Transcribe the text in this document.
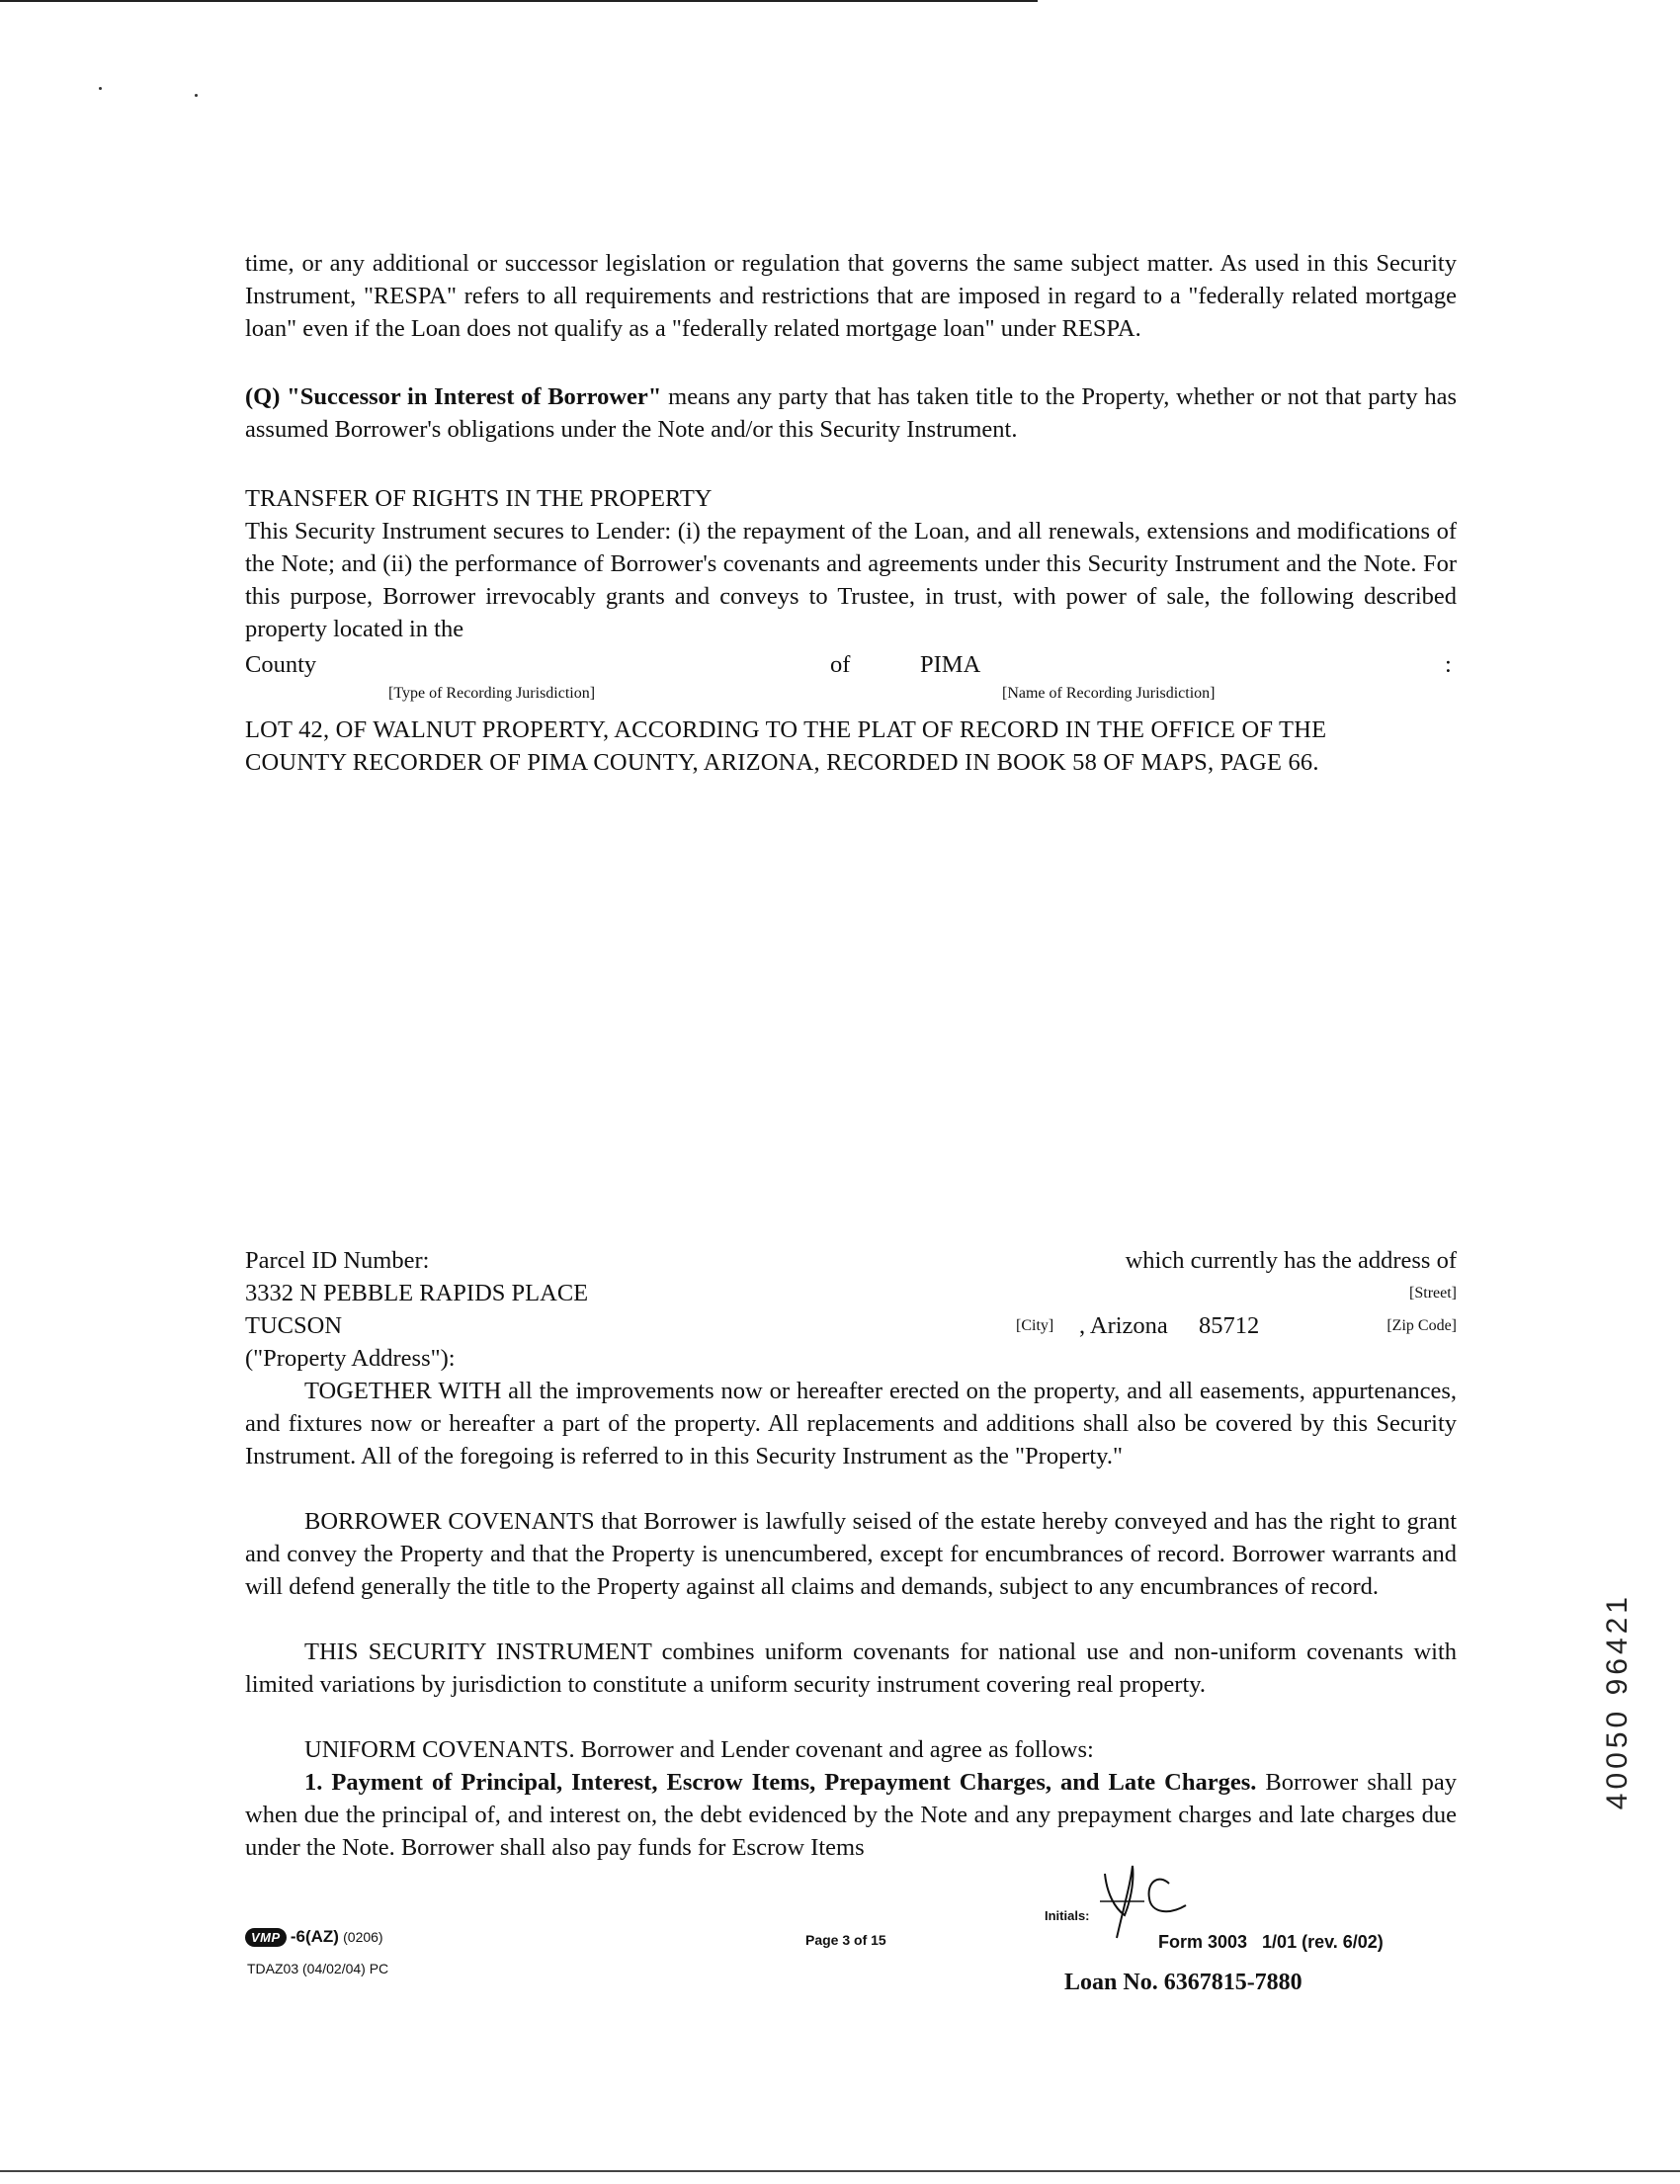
time, or any additional or successor legislation or regulation that governs the same subject matter. As used in this Security Instrument, "RESPA" refers to all requirements and restrictions that are imposed in regard to a "federally related mortgage loan" even if the Loan does not qualify as a "federally related mortgage loan" under RESPA.

(Q) "Successor in Interest of Borrower" means any party that has taken title to the Property, whether or not that party has assumed Borrower's obligations under the Note and/or this Security Instrument.

TRANSFER OF RIGHTS IN THE PROPERTY

This Security Instrument secures to Lender: (i) the repayment of the Loan, and all renewals, extensions and modifications of the Note; and (ii) the performance of Borrower's covenants and agreements under this Security Instrument and the Note. For this purpose, Borrower irrevocably grants and conveys to Trustee, in trust, with power of sale, the following described property located in the

County	of	PIMA	:
[Type of Recording Jurisdiction]	[Name of Recording Jurisdiction]

LOT 42, OF WALNUT PROPERTY, ACCORDING TO THE PLAT OF RECORD IN THE OFFICE OF THE COUNTY RECORDER OF PIMA COUNTY, ARIZONA, RECORDED IN BOOK 58 OF MAPS, PAGE 66.

Parcel ID Number:	which currently has the address of
3332 N PEBBLE RAPIDS PLACE	[Street]
TUCSON	[City] , Arizona 85712	[Zip Code]
("Property Address"):

TOGETHER WITH all the improvements now or hereafter erected on the property, and all easements, appurtenances, and fixtures now or hereafter a part of the property. All replacements and additions shall also be covered by this Security Instrument. All of the foregoing is referred to in this Security Instrument as the "Property."

BORROWER COVENANTS that Borrower is lawfully seised of the estate hereby conveyed and has the right to grant and convey the Property and that the Property is unencumbered, except for encumbrances of record. Borrower warrants and will defend generally the title to the Property against all claims and demands, subject to any encumbrances of record.

THIS SECURITY INSTRUMENT combines uniform covenants for national use and non-uniform covenants with limited variations by jurisdiction to constitute a uniform security instrument covering real property.

UNIFORM COVENANTS. Borrower and Lender covenant and agree as follows:

1. Payment of Principal, Interest, Escrow Items, Prepayment Charges, and Late Charges. Borrower shall pay when due the principal of, and interest on, the debt evidenced by the Note and any prepayment charges and late charges due under the Note. Borrower shall also pay funds for Escrow Items

40050 96421
VMP -6(AZ) (0206)
TDAZ03 (04/02/04) PC
Page 3 of 15
Initials:
Form 3003   1/01 (rev. 6/02)
Loan No. 6367815-7880
